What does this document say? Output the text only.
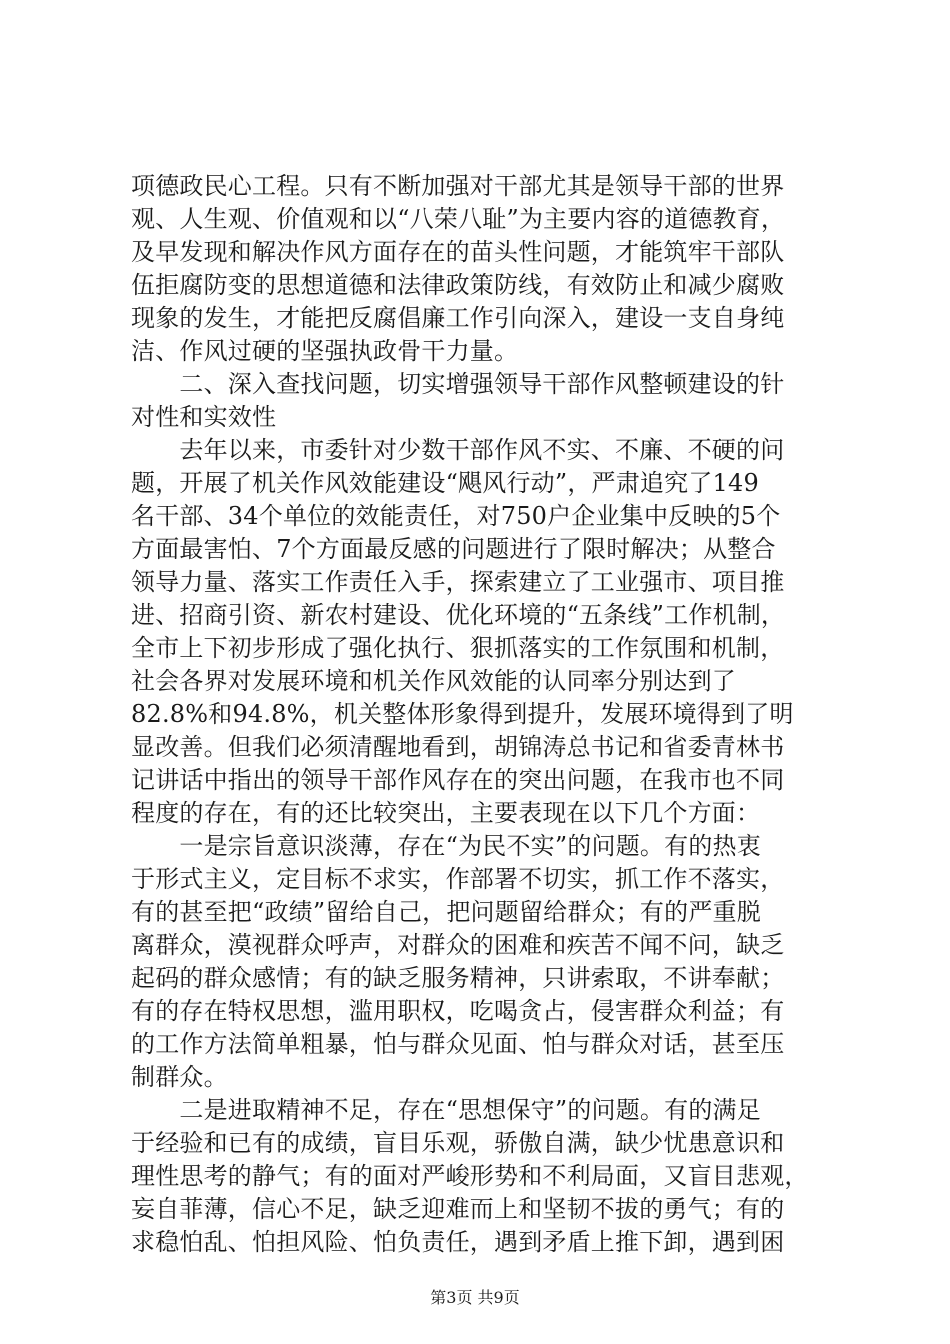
项德政民心工程。只有不断加强对干部尤其是领导干部的世界
观、人生观、价值观和以“八荣八耻”为主要内容的道德教育，
及早发现和解决作风方面存在的苗头性问题，才能筑牢干部队
伍拒腐防变的思想道德和法律政策防线，有效防止和减少腐败
现象的发生，才能把反腐倡廉工作引向深入，建设一支自身纯
洁、作风过硬的坚强执政骨干力量。
　　二、深入查找问题，切实增强领导干部作风整顿建设的针
对性和实效性
　　去年以来，市委针对少数干部作风不实、不廉、不硬的问
题，开展了机关作风效能建设“飓风行动”，严肃追究了149
名干部、34个单位的效能责任，对750户企业集中反映的5个
方面最害怕、7个方面最反感的问题进行了限时解决；从整合
领导力量、落实工作责任入手，探索建立了工业强市、项目推
进、招商引资、新农村建设、优化环境的“五条线”工作机制，
全市上下初步形成了强化执行、狠抓落实的工作氛围和机制，
社会各界对发展环境和机关作风效能的认同率分别达到了
82.8%和94.8%，机关整体形象得到提升，发展环境得到了明
显改善。但我们必须清醒地看到，胡锦涛总书记和省委青林书
记讲话中指出的领导干部作风存在的突出问题，在我市也不同
程度的存在，有的还比较突出，主要表现在以下几个方面：
　　一是宗旨意识淡薄，存在“为民不实”的问题。有的热衷
于形式主义，定目标不求实，作部署不切实，抓工作不落实，
有的甚至把“政绩”留给自己，把问题留给群众；有的严重脱
离群众，漠视群众呼声，对群众的困难和疾苦不闻不问，缺乏
起码的群众感情；有的缺乏服务精神，只讲索取，不讲奉献；
有的存在特权思想，滥用职权，吃喝贪占，侵害群众利益；有
的工作方法简单粗暴，怕与群众见面、怕与群众对话，甚至压
制群众。
　　二是进取精神不足，存在“思想保守”的问题。有的满足
于经验和已有的成绩，盲目乐观，骄傲自满，缺少忧患意识和
理性思考的静气；有的面对严峻形势和不利局面，又盲目悲观，
妄自菲薄，信心不足，缺乏迎难而上和坚韧不拔的勇气；有的
求稳怕乱、怕担风险、怕负责任，遇到矛盾上推下卸，遇到困
第3页 共9页
